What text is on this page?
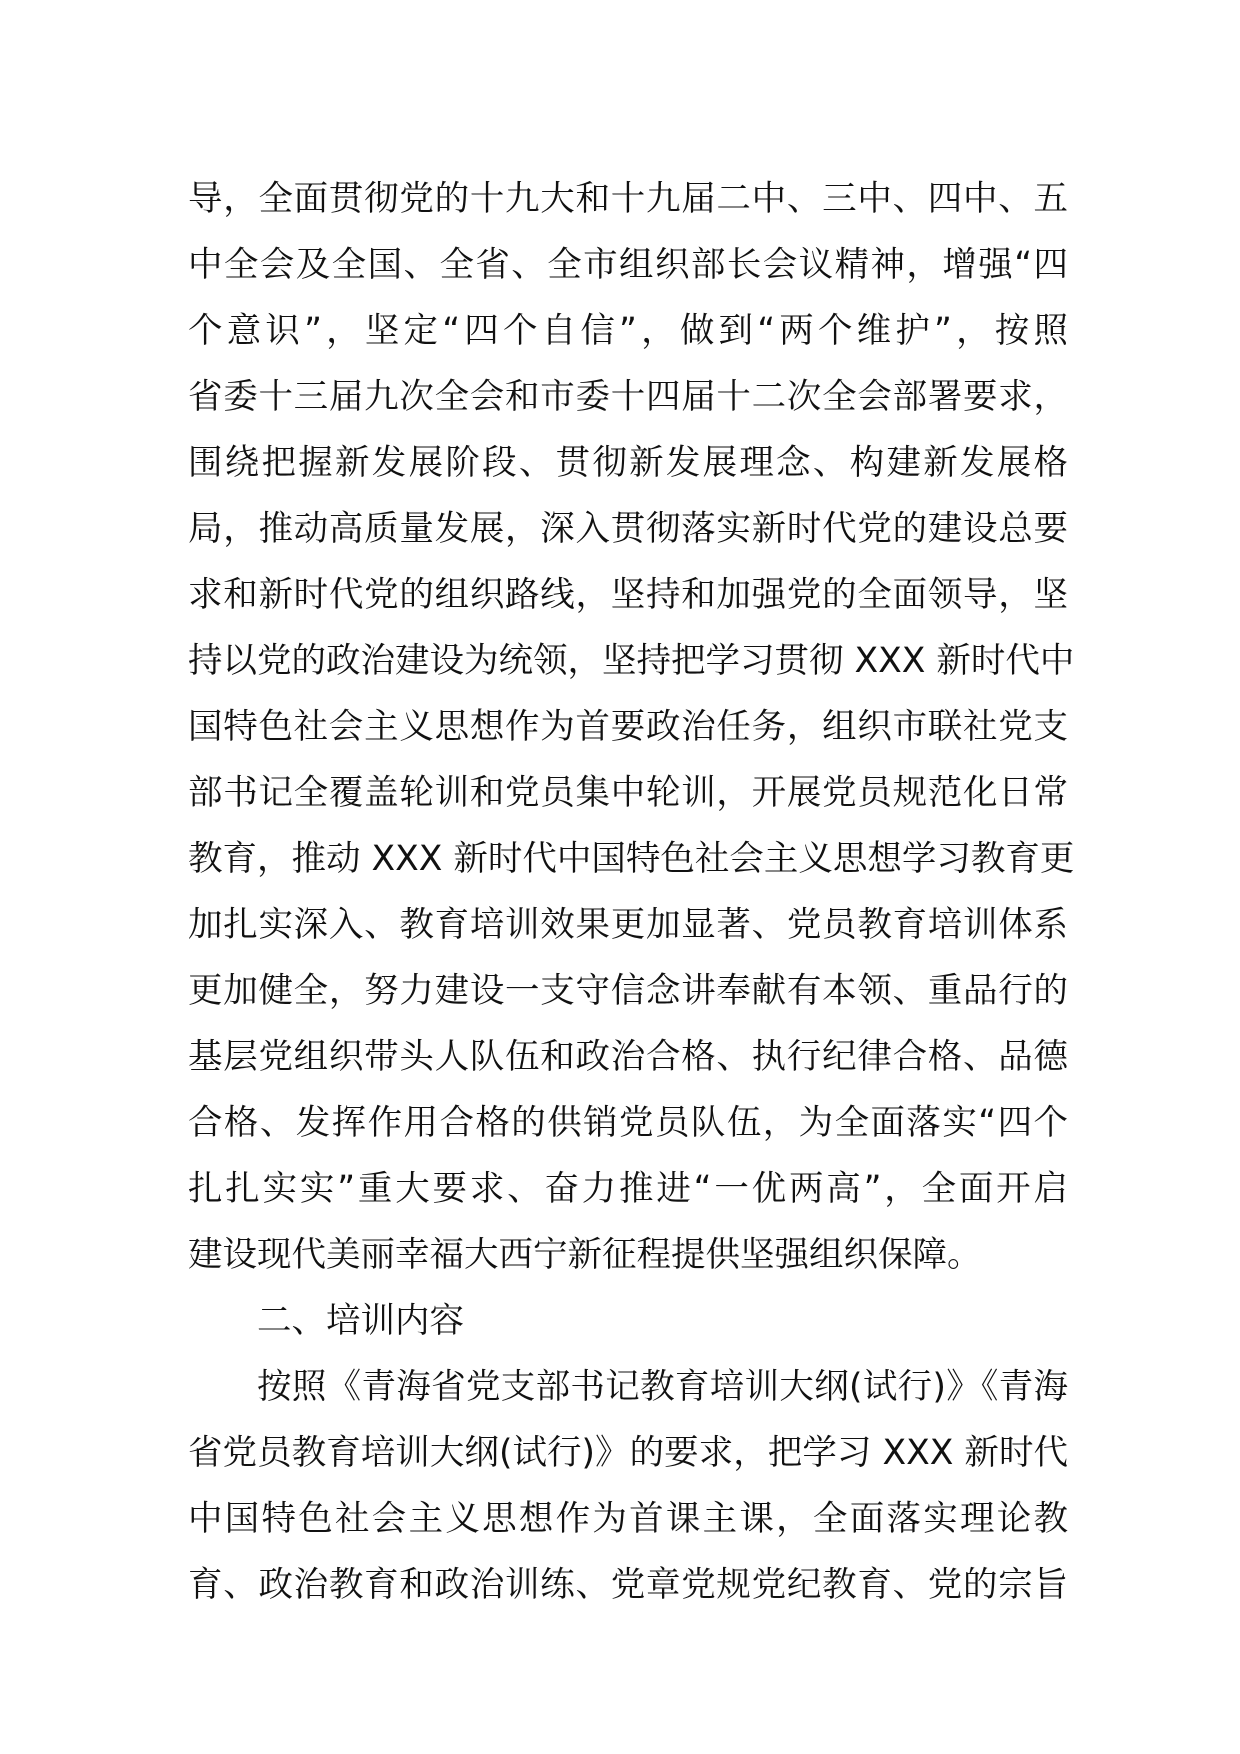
导，全面贯彻党的十九大和十九届二中、三中、四中、五
中全会及全国、全省、全市组织部长会议精神，增强“四
个意识”，坚定“四个自信”，做到“两个维护”，按照
省委十三届九次全会和市委十四届十二次全会部署要求，
围绕把握新发展阶段、贯彻新发展理念、构建新发展格
局，推动高质量发展，深入贯彻落实新时代党的建设总要
求和新时代党的组织路线，坚持和加强党的全面领导，坚
持以党的政治建设为统领，坚持把学习贯彻 XXX 新时代中
国特色社会主义思想作为首要政治任务，组织市联社党支
部书记全覆盖轮训和党员集中轮训，开展党员规范化日常
教育，推动 XXX 新时代中国特色社会主义思想学习教育更
加扎实深入、教育培训效果更加显著、党员教育培训体系
更加健全，努力建设一支守信念讲奉献有本领、重品行的
基层党组织带头人队伍和政治合格、执行纪律合格、品德
合格、发挥作用合格的供销党员队伍，为全面落实“四个
扎扎实实”重大要求、奋力推进“一优两高”，全面开启
建设现代美丽幸福大西宁新征程提供坚强组织保障。
二、培训内容
按照《青海省党支部书记教育培训大纲(试行)》《青海
省党员教育培训大纲(试行)》的要求，把学习 XXX 新时代
中国特色社会主义思想作为首课主课，全面落实理论教
育、政治教育和政治训练、党章党规党纪教育、党的宗旨
